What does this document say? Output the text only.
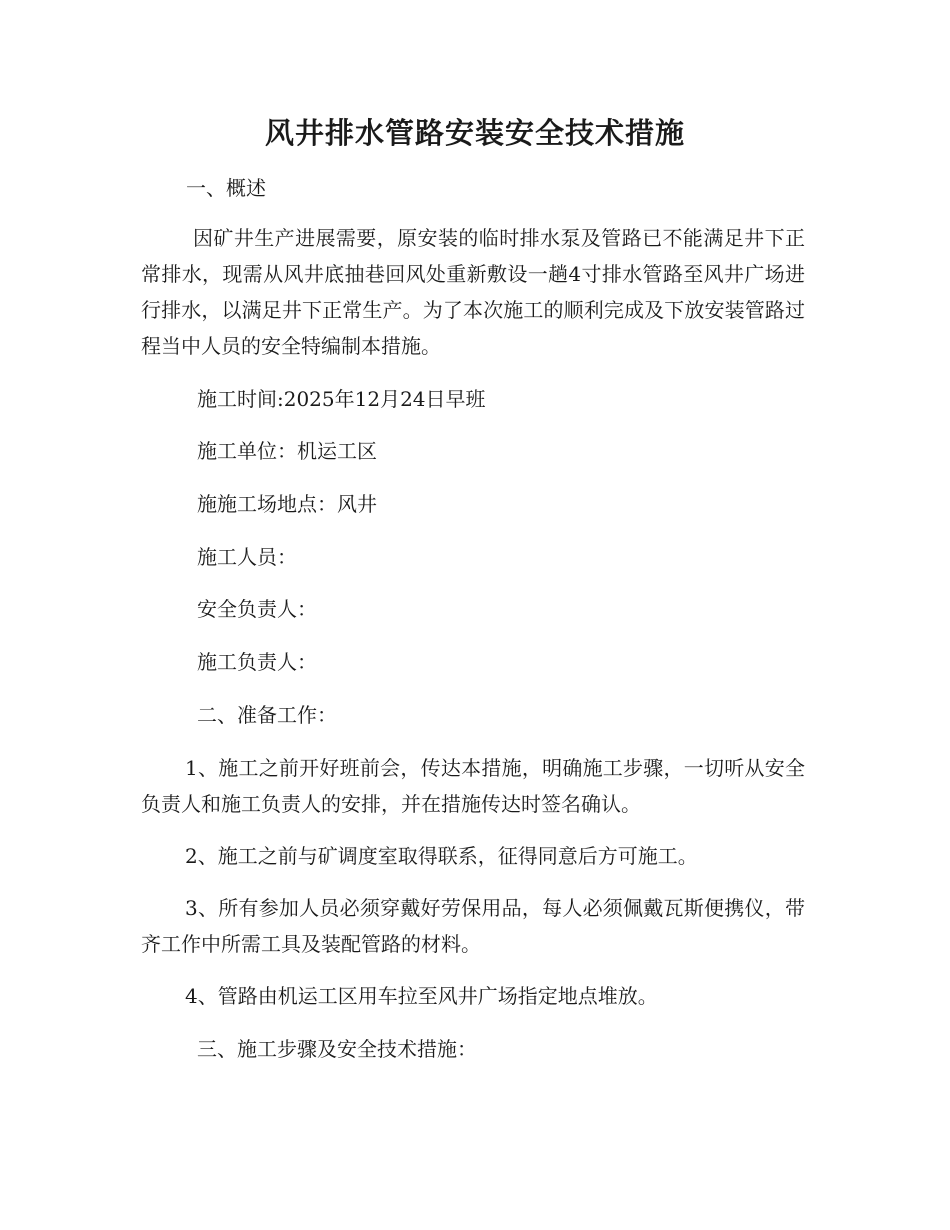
风井排水管路安装安全技术措施
一、概述
因矿井生产进展需要，原安装的临时排水泵及管路已不能满足井下正常排水，现需从风井底抽巷回风处重新敷设一趟4寸排水管路至风井广场进行排水，以满足井下正常生产。为了本次施工的顺利完成及下放安装管路过程当中人员的安全特编制本措施。
施工时间:2025年12月24日早班
施工单位：机运工区
施施工场地点：风井
施工人员：
安全负责人：
施工负责人：
二、准备工作：
1、施工之前开好班前会，传达本措施，明确施工步骤，一切听从安全负责人和施工负责人的安排，并在措施传达时签名确认。
2、施工之前与矿调度室取得联系，征得同意后方可施工。
3、所有参加人员必须穿戴好劳保用品，每人必须佩戴瓦斯便携仪，带齐工作中所需工具及装配管路的材料。
4、管路由机运工区用车拉至风井广场指定地点堆放。
三、施工步骤及安全技术措施：
